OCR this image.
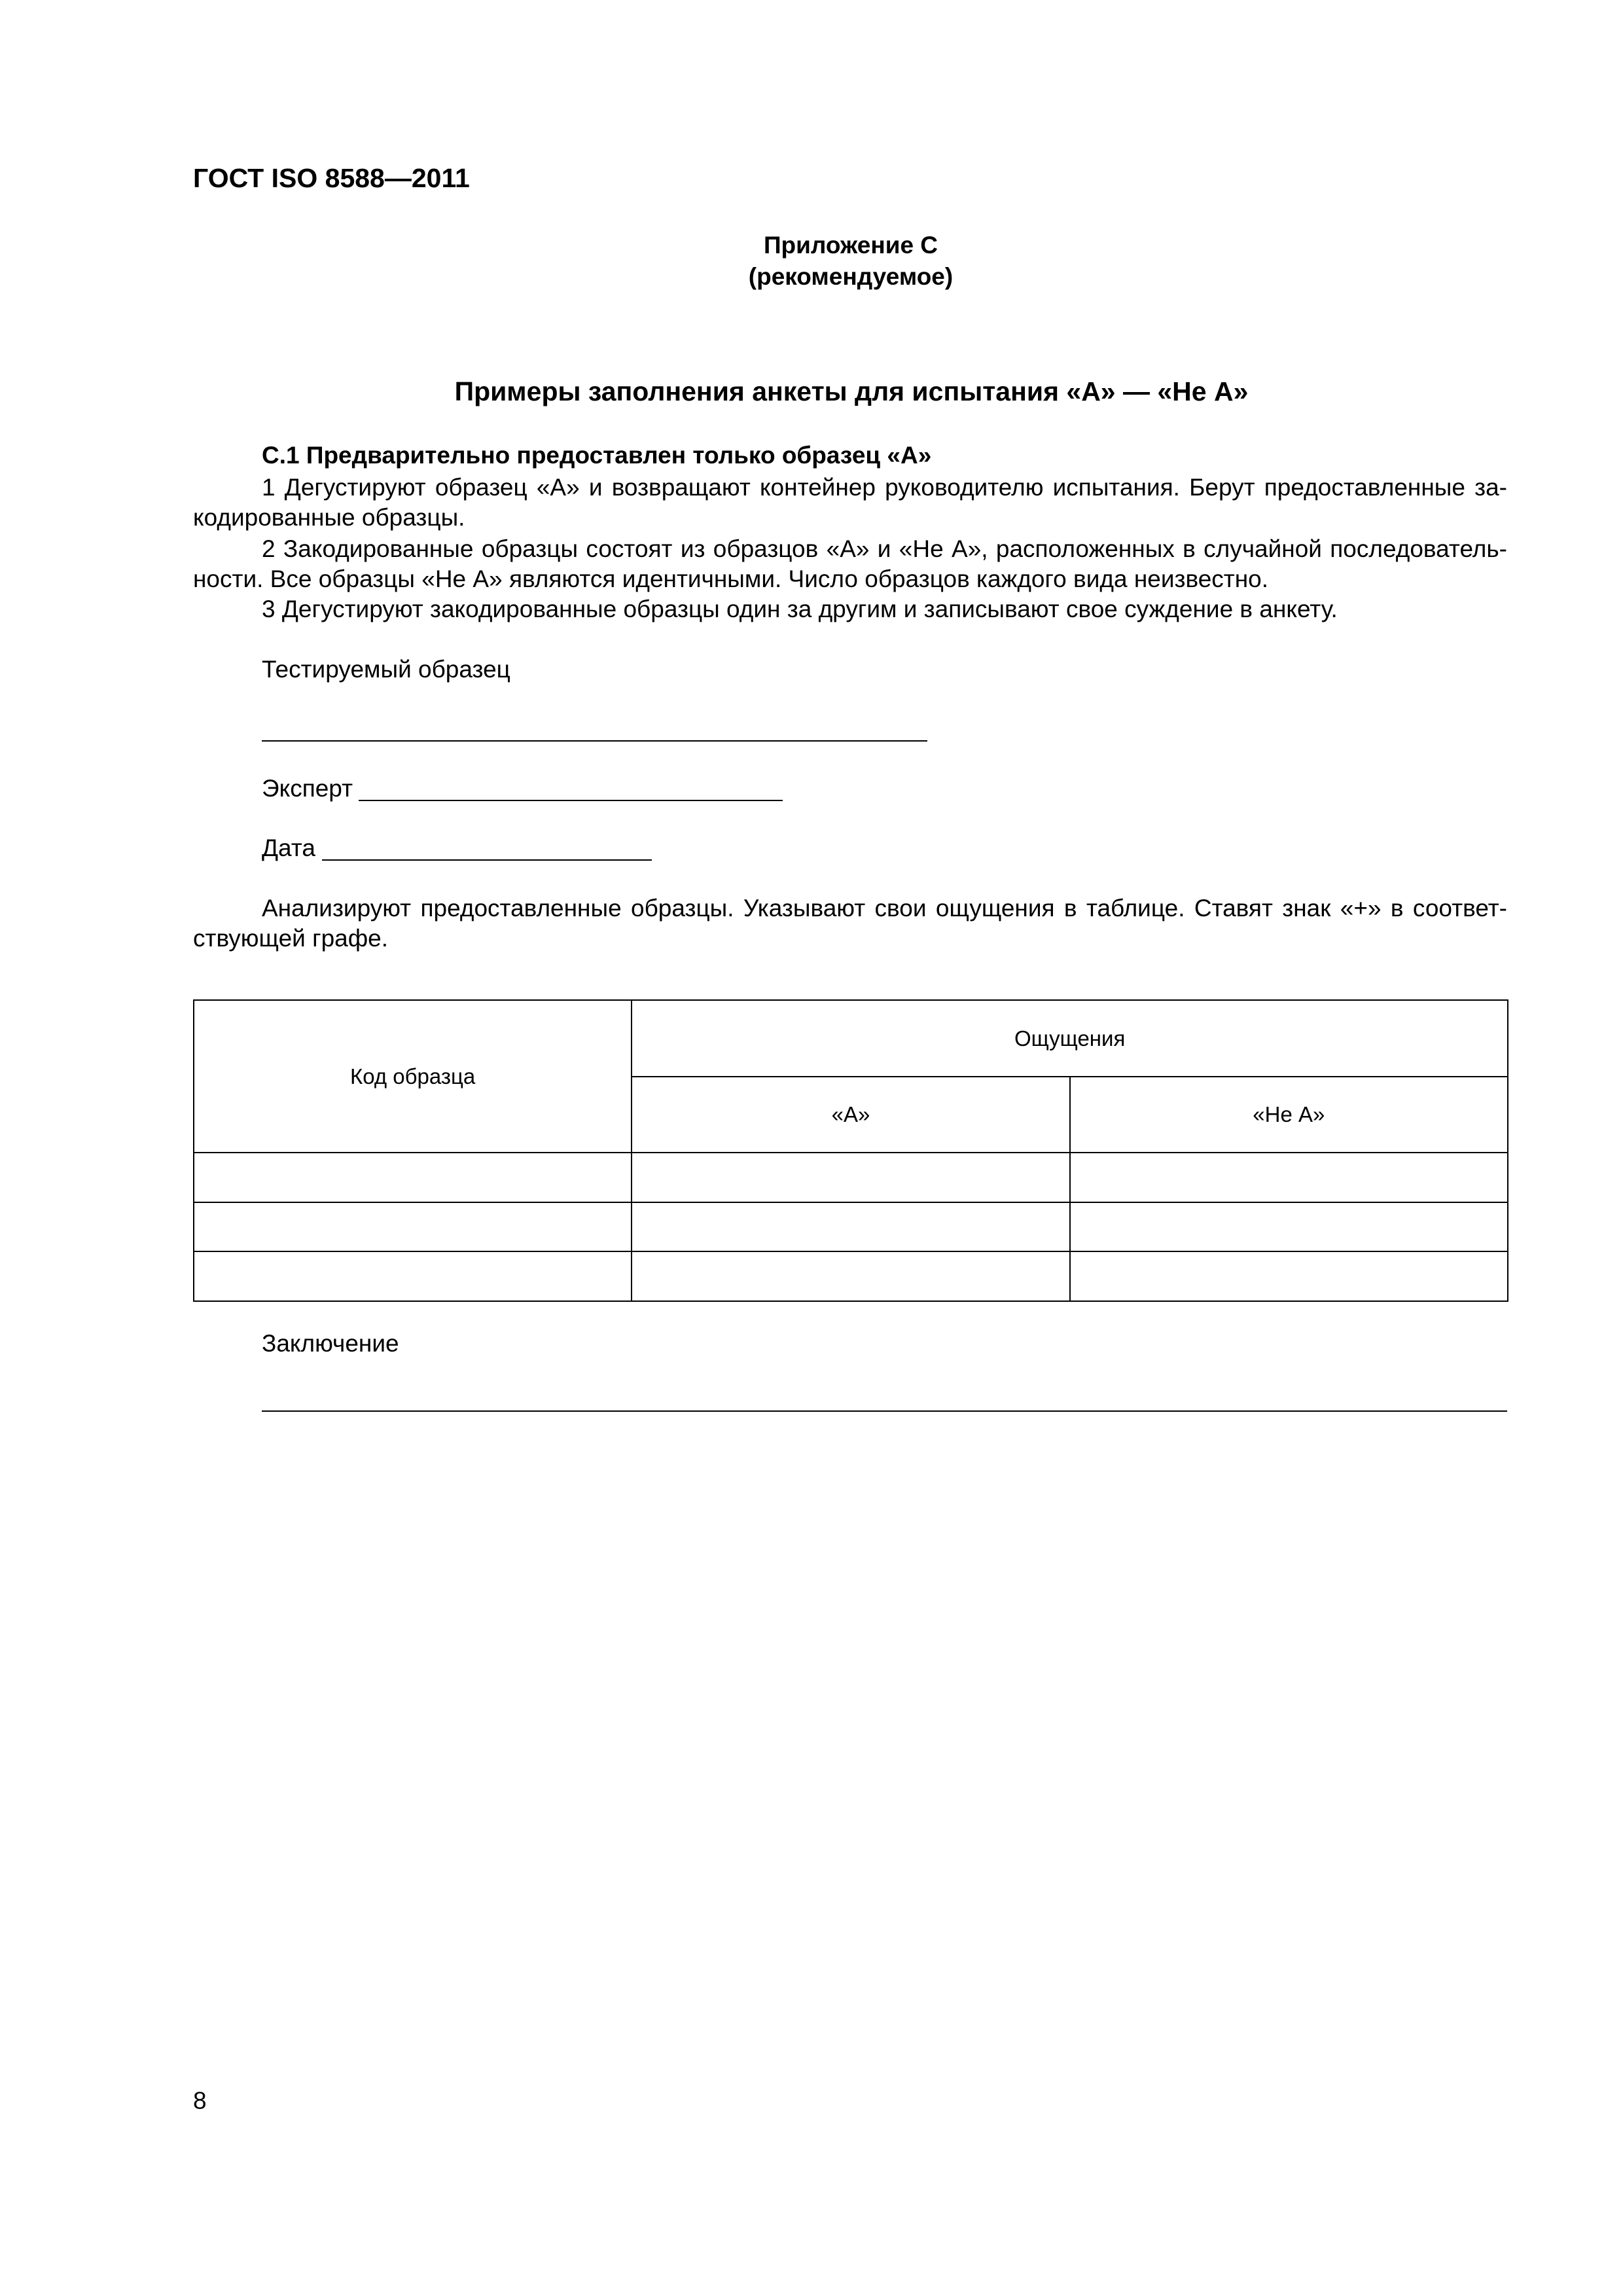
ГОСТ ISO 8588—2011
Приложение С
(рекомендуемое)
Примеры заполнения анкеты для испытания «А» — «Не А»
С.1 Предварительно предоставлен только образец «А»
1 Дегустируют образец «А» и возвращают контейнер руководителю испытания. Берут предоставленные закодированные образцы.
2 Закодированные образцы состоят из образцов «А» и «Не А», расположенных в случайной последовательности. Все образцы «Не А» являются идентичными. Число образцов каждого вида неизвестно.
3 Дегустируют закодированные образцы один за другим и записывают свое суждение в анкету.
Тестируемый образец
Эксперт
Дата
Анализируют предоставленные образцы. Указывают свои ощущения в таблице. Ставят знак «+» в соответствующей графе.
Код образца	Ощущения	
	«А»	«Не А»

Заключение
8
